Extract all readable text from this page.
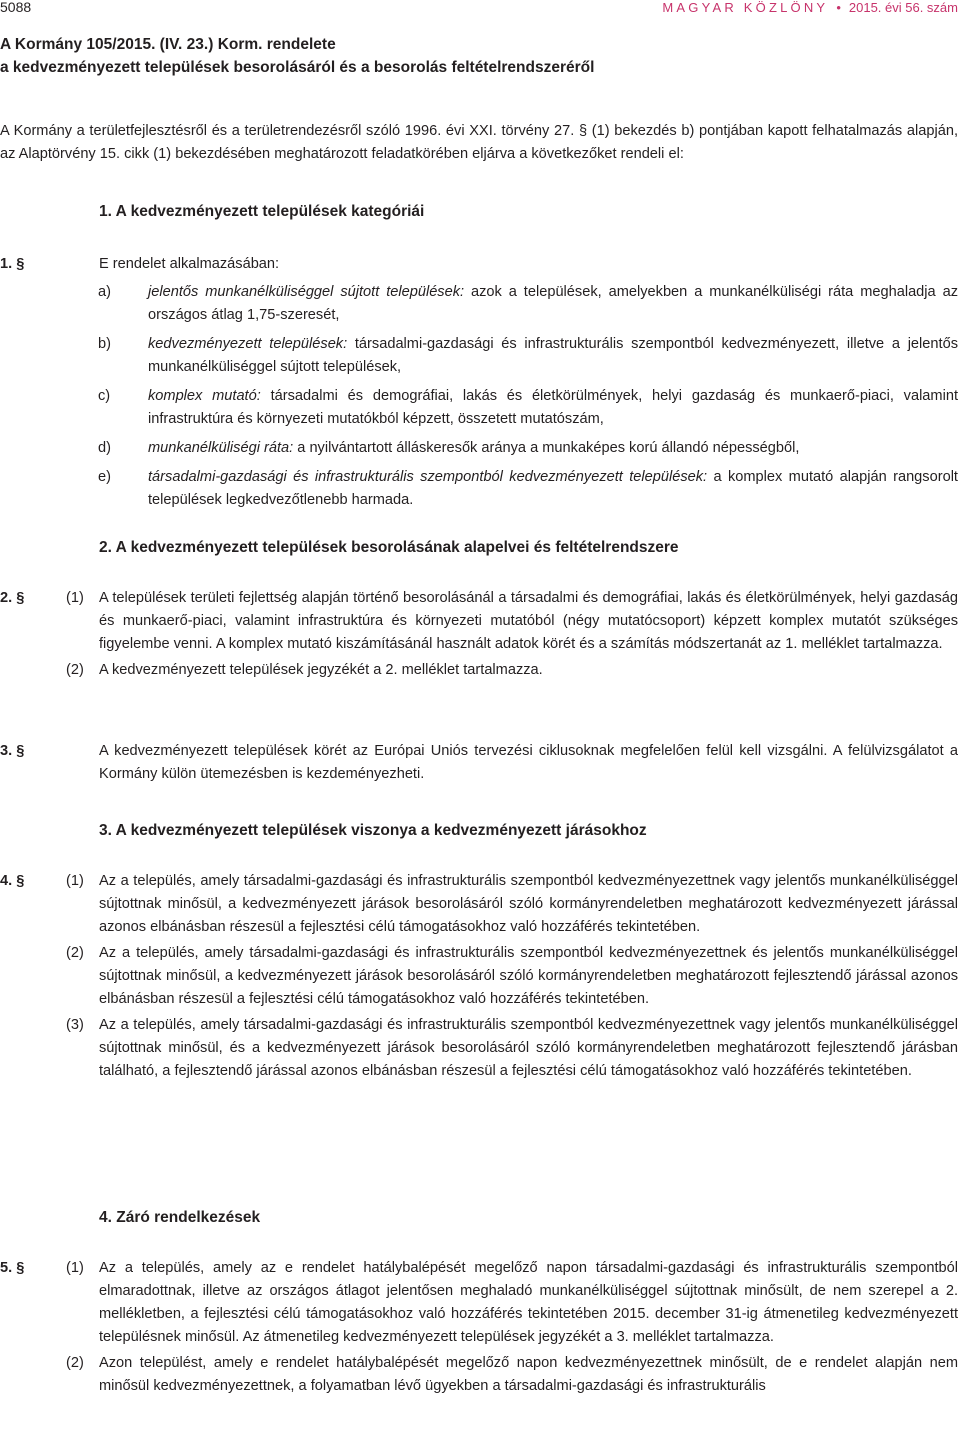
5088	MAGYAR KÖZLÖNY • 2015. évi 56. szám
A Kormány 105/2015. (IV. 23.) Korm. rendelete
a kedvezményezett települések besorolásáról és a besorolás feltételrendszeréről
A Kormány a területfejlesztésről és a területrendezésről szóló 1996. évi XXI. törvény 27. § (1) bekezdés b) pontjában kapott felhatalmazás alapján, az Alaptörvény 15. cikk (1) bekezdésében meghatározott feladatkörében eljárva a következőket rendeli el:
1. A kedvezményezett települések kategóriái
1. §	E rendelet alkalmazásában:
a)	jelentős munkanélküliséggel sújtott települések: azok a települések, amelyekben a munkanélküliségi ráta meghaladja az országos átlag 1,75-szeresét,
b)	kedvezményezett települések: társadalmi-gazdasági és infrastrukturális szempontból kedvezményezett, illetve a jelentős munkanélküliséggel sújtott települések,
c)	komplex mutató: társadalmi és demográfiai, lakás és életkörülmények, helyi gazdaság és munkaerő-piaci, valamint infrastruktúra és környezeti mutatókból képzett, összetett mutatószám,
d)	munkanélküliségi ráta: a nyilvántartott álláskeresők aránya a munkaképes korú állandó népességből,
e)	társadalmi-gazdasági és infrastrukturális szempontból kedvezményezett települések: a komplex mutató alapján rangsorolt települések legkedvezőtlenebb harmada.
2. A kedvezményezett települések besorolásának alapelvei és feltételrendszere
2. §	(1) A települések területi fejlettség alapján történő besorolásánál a társadalmi és demográfiai, lakás és életkörülmények, helyi gazdaság és munkaerő-piaci, valamint infrastruktúra és környezeti mutatóból (négy mutatócsoport) képzett komplex mutatót szükséges figyelembe venni. A komplex mutató kiszámításánál használt adatok körét és a számítás módszertanát az 1. melléklet tartalmazza.
(2) A kedvezményezett települések jegyzékét a 2. melléklet tartalmazza.
3. §	A kedvezményezett települések körét az Európai Uniós tervezési ciklusoknak megfelelően felül kell vizsgálni. A felülvizsgálatot a Kormány külön ütemezésben is kezdeményezheti.
3. A kedvezményezett települések viszonya a kedvezményezett járásokhoz
4. §	(1) Az a település, amely társadalmi-gazdasági és infrastrukturális szempontból kedvezményezettnek vagy jelentős munkanélküliséggel sújtottnak minősül, a kedvezményezett járások besorolásáról szóló kormányrendeletben meghatározott kedvezményezett járással azonos elbánásban részesül a fejlesztési célú támogatásokhoz való hozzáférés tekintetében.
(2) Az a település, amely társadalmi-gazdasági és infrastrukturális szempontból kedvezményezettnek és jelentős munkanélküliséggel sújtottnak minősül, a kedvezményezett járások besorolásáról szóló kormányrendeletben meghatározott fejlesztendő járással azonos elbánásban részesül a fejlesztési célú támogatásokhoz való hozzáférés tekintetében.
(3) Az a település, amely társadalmi-gazdasági és infrastrukturális szempontból kedvezményezettnek vagy jelentős munkanélküliséggel sújtottnak minősül, és a kedvezményezett járások besorolásáról szóló kormányrendeletben meghatározott fejlesztendő járásban található, a fejlesztendő járással azonos elbánásban részesül a fejlesztési célú támogatásokhoz való hozzáférés tekintetében.
4. Záró rendelkezések
5. §	(1) Az a település, amely az e rendelet hatálybalépését megelőző napon társadalmi-gazdasági és infrastrukturális szempontból elmaradottnak, illetve az országos átlagot jelentősen meghaladó munkanélküliséggel sújtottnak minősült, de nem szerepel a 2. mellékletben, a fejlesztési célú támogatásokhoz való hozzáférés tekintetében 2015. december 31-ig átmenetileg kedvezményezett településnek minősül. Az átmenetileg kedvezményezett települések jegyzékét a 3. melléklet tartalmazza.
(2) Azon települést, amely e rendelet hatálybalépését megelőző napon kedvezményezettnek minősült, de e rendelet alapján nem minősül kedvezményezettnek, a folyamatban lévő ügyekben a társadalmi-gazdasági és infrastrukturális
